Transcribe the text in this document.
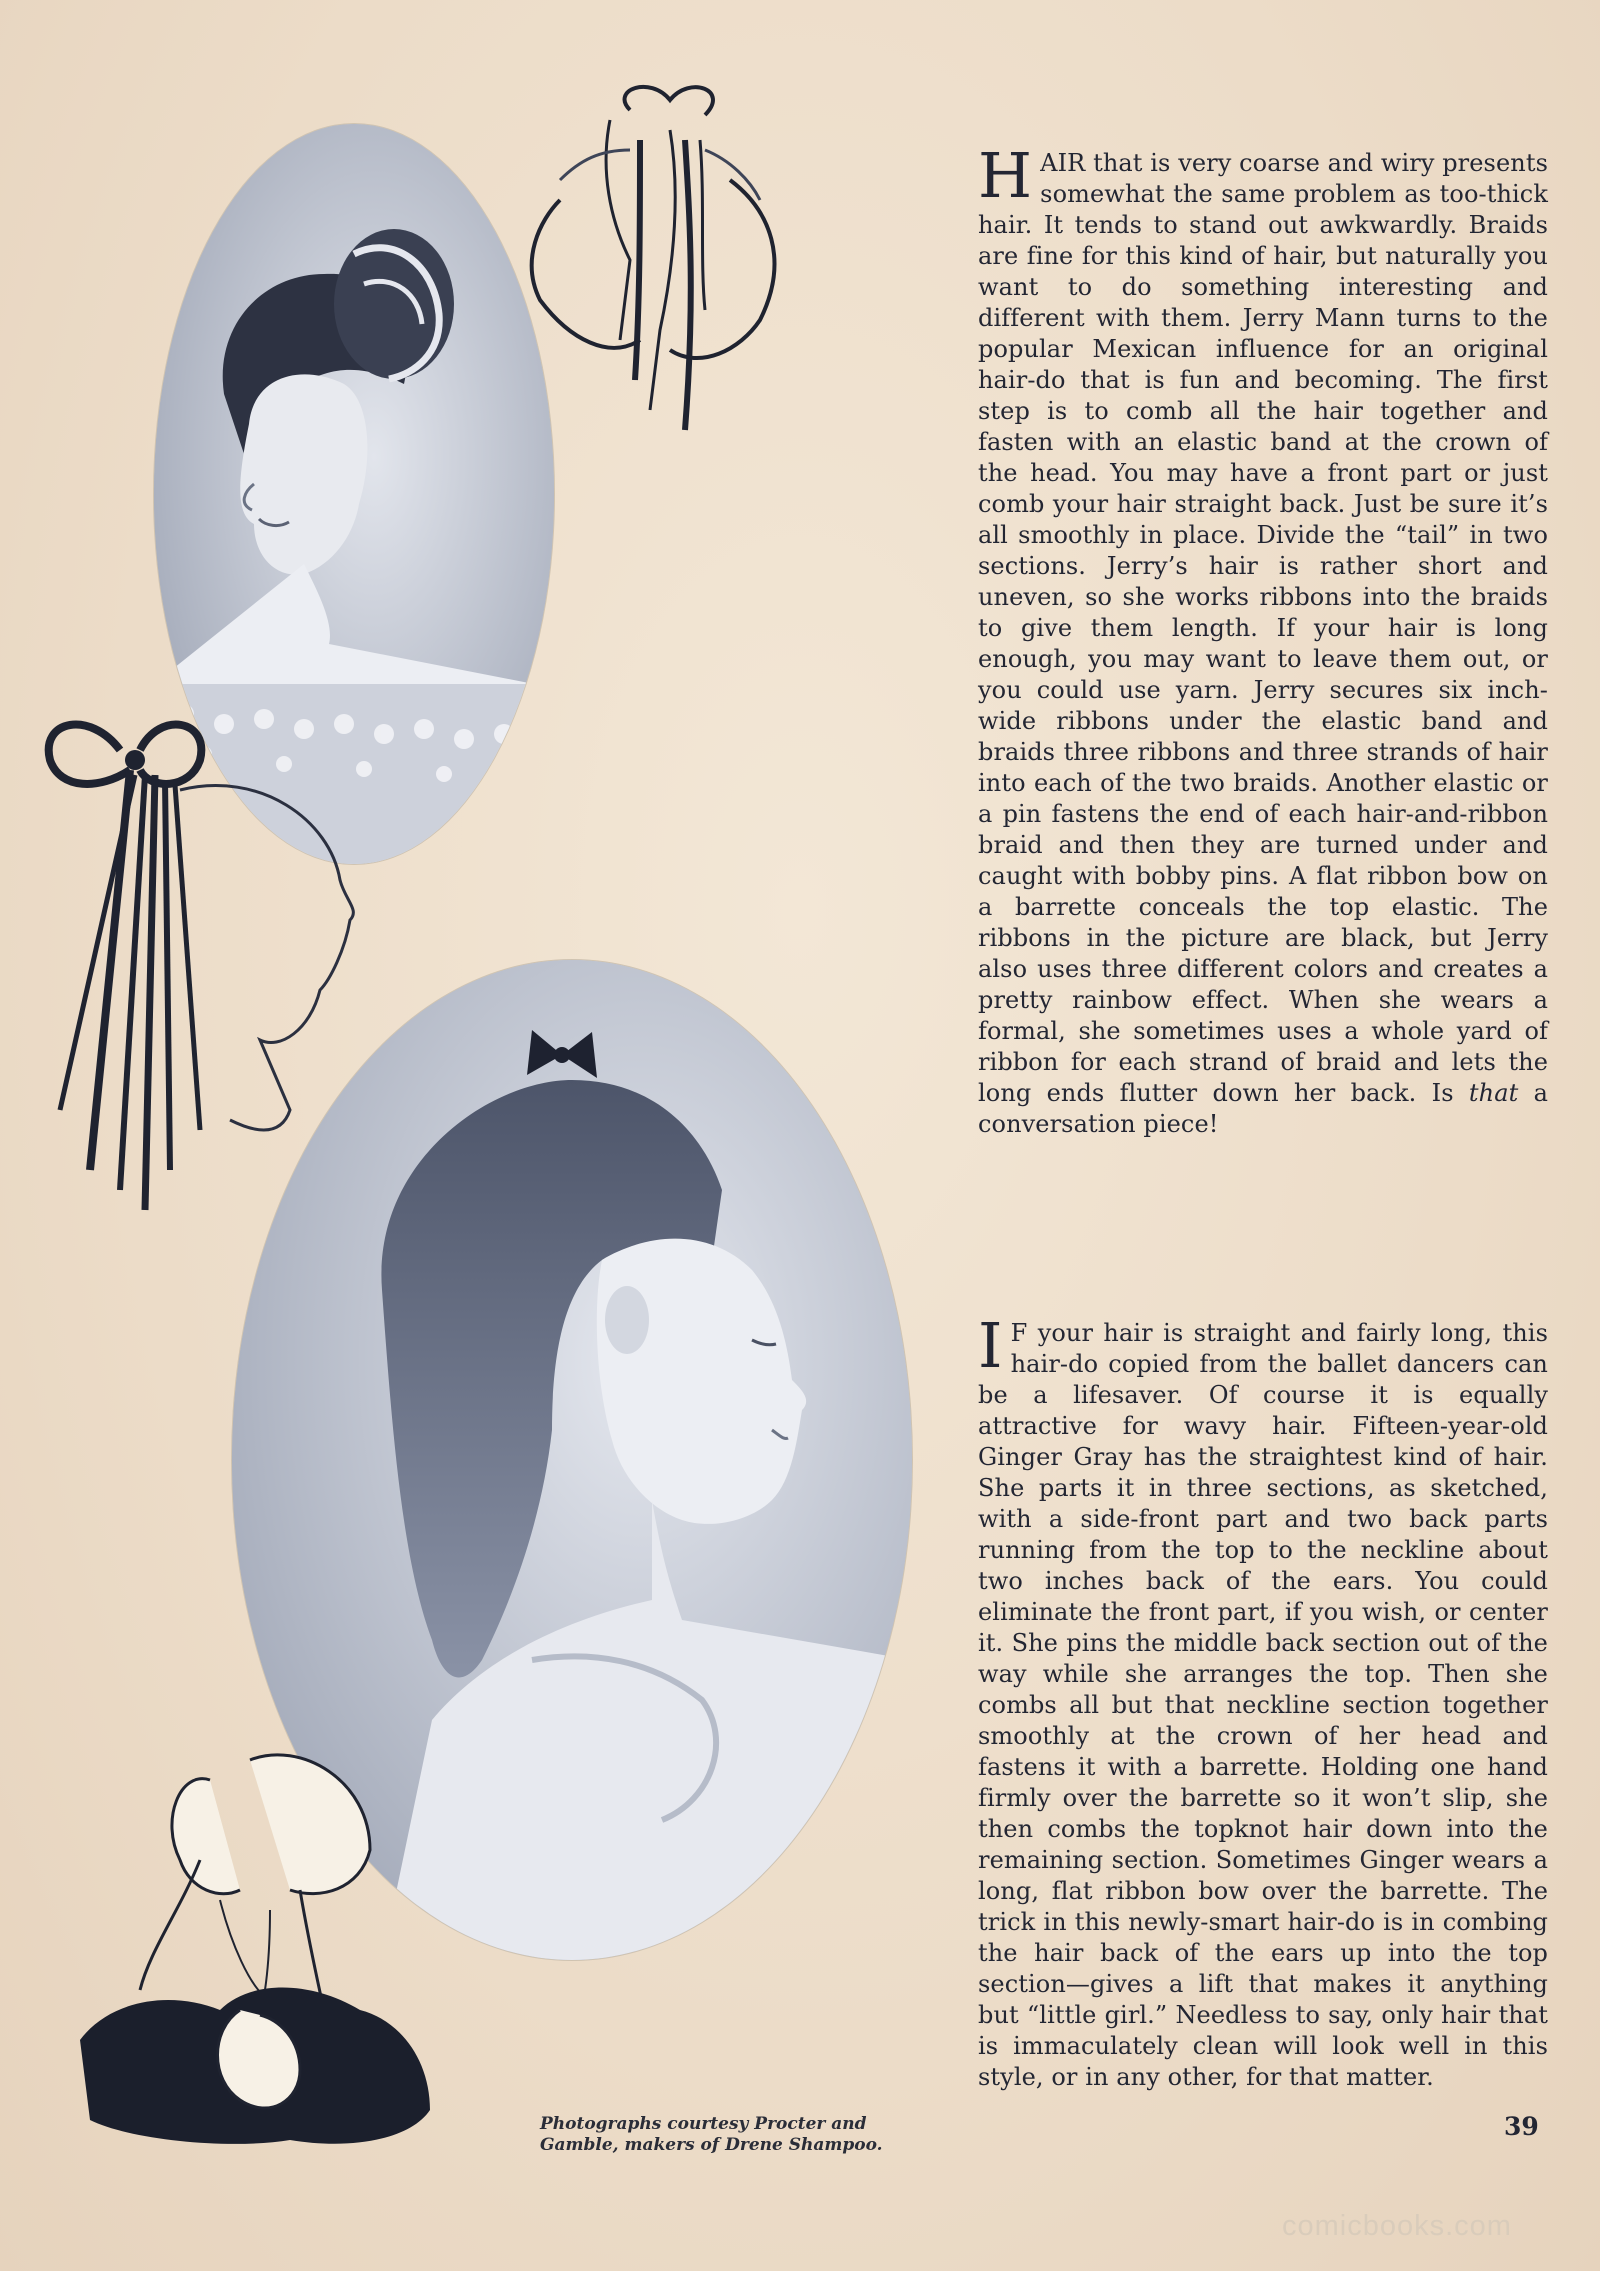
HAIR that is very coarse and wiry presents somewhat the same problem as too-thick hair. It tends to stand out awkwardly. Braids are fine for this kind of hair, but naturally you want to do something interesting and different with them. Jerry Mann turns to the popular Mexican influence for an original hair-do that is fun and becoming. The first step is to comb all the hair together and fasten with an elastic band at the crown of the head. You may have a front part or just comb your hair straight back. Just be sure it’s all smoothly in place. Divide the “tail” in two sections. Jerry’s hair is rather short and uneven, so she works ribbons into the braids to give them length. If your hair is long enough, you may want to leave them out, or you could use yarn. Jerry secures six inch-wide ribbons under the elastic band and braids three ribbons and three strands of hair into each of the two braids. Another elastic or a pin fastens the end of each hair-and-ribbon braid and then they are turned under and caught with bobby pins. A flat ribbon bow on a barrette conceals the top elastic. The ribbons in the picture are black, but Jerry also uses three different colors and creates a pretty rainbow effect. When she wears a formal, she sometimes uses a whole yard of ribbon for each strand of braid and lets the long ends flutter down her back. Is that a conversation piece!
I F your hair is straight and fairly long, this hair-do copied from the ballet dancers can be a lifesaver. Of course it is equally attractive for wavy hair. Fifteen-year-old Ginger Gray has the straightest kind of hair. She parts it in three sections, as sketched, with a side-front part and two back parts running from the top to the neckline about two inches back of the ears. You could eliminate the front part, if you wish, or center it. She pins the middle back section out of the way while she arranges the top. Then she combs all but that neckline section together smoothly at the crown of her head and fastens it with a barrette. Holding one hand firmly over the barrette so it won’t slip, she then combs the topknot hair down into the remaining section. Sometimes Ginger wears a long, flat ribbon bow over the barrette. The trick in this newly-smart hair-do is in combing the hair back of the ears up into the top section—gives a lift that makes it anything but “little girl.” Needless to say, only hair that is immaculately clean will look well in this style, or in any other, for that matter.
Photographs courtesy Procter and
Gamble, makers of Drene Shampoo.
39
comicbooks.com
